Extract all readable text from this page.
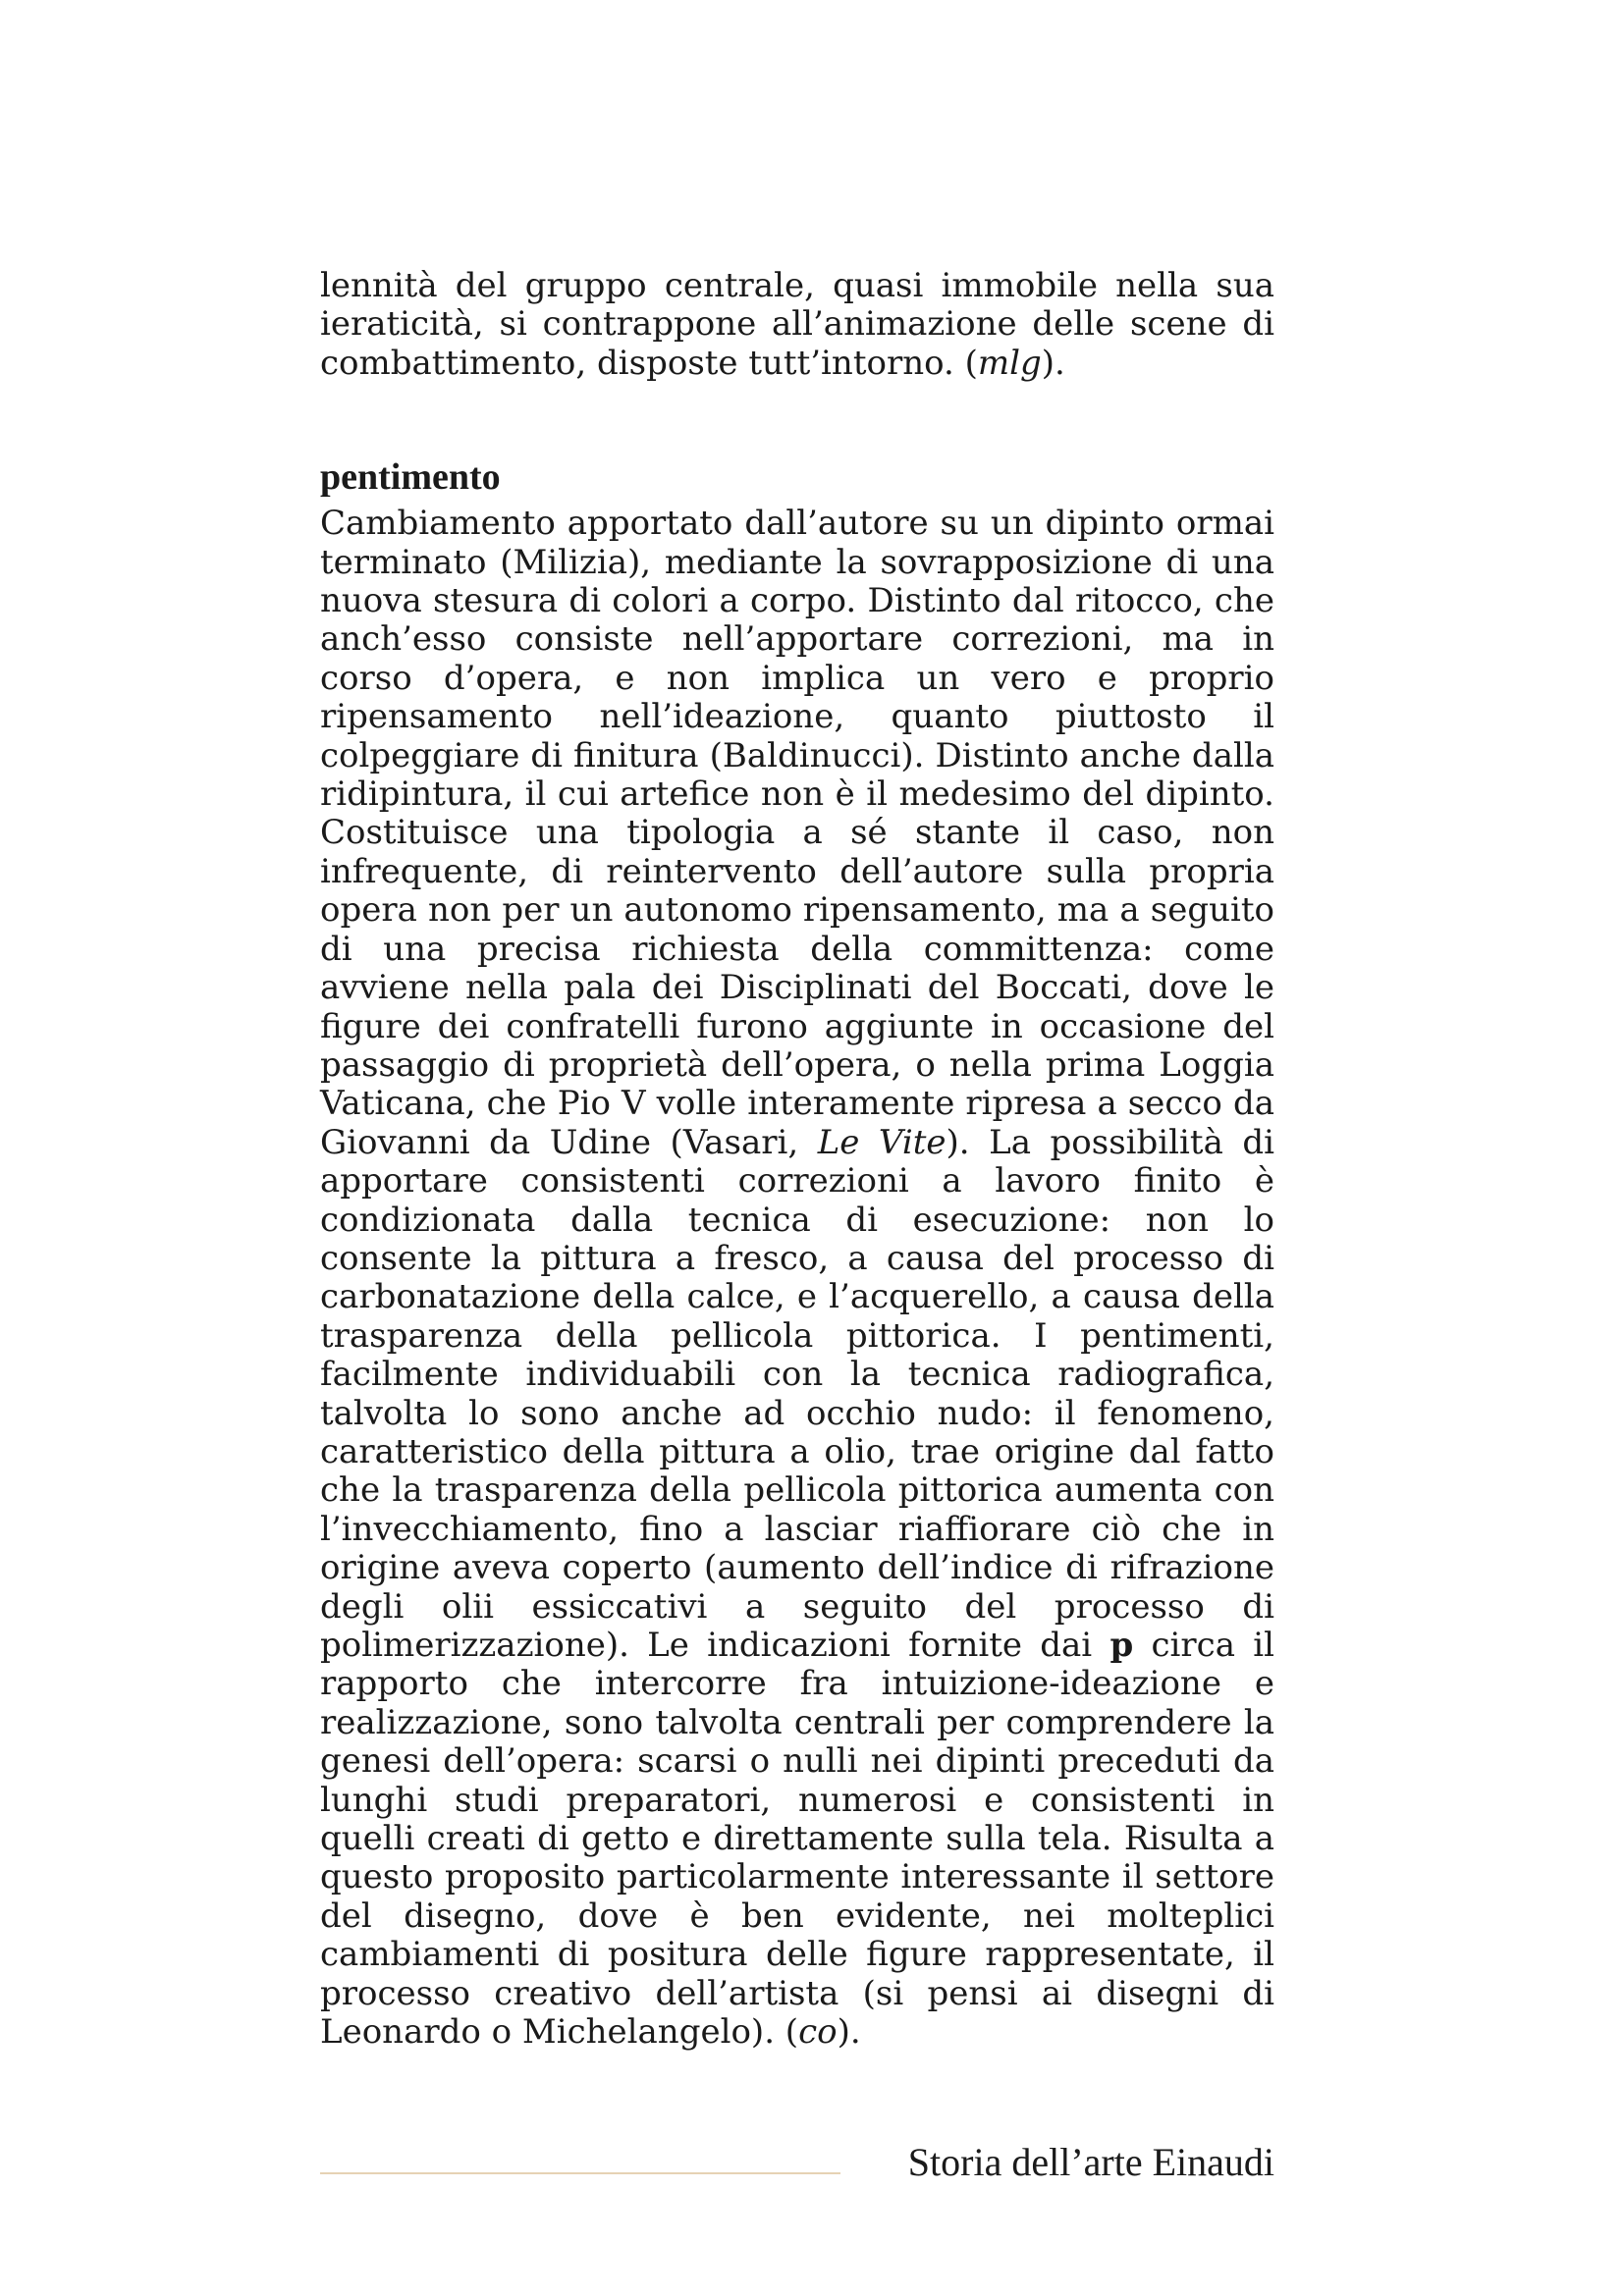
lennità del gruppo centrale, quasi immobile nella sua ieraticità, si contrappone all’animazione delle scene di combattimento, disposte tutt’intorno. (mlg).

pentimento

Cambiamento apportato dall’autore su un dipinto ormai terminato (Milizia), mediante la sovrapposizione di una nuova stesura di colori a corpo. Distinto dal ritocco, che anch’esso consiste nell’apportare correzioni, ma in corso d’opera, e non implica un vero e proprio ripensamento nell’ideazione, quanto piuttosto il colpeggiare di finitura (Baldinucci). Distinto anche dalla ridipintura, il cui artefice non è il medesimo del dipinto. Costituisce una tipologia a sé stante il caso, non infrequente, di reintervento dell’autore sulla propria opera non per un autonomo ripensamento, ma a seguito di una precisa richiesta della committenza: come avviene nella pala dei Disciplinati del Boccati, dove le figure dei confratelli furono aggiunte in occasione del passaggio di proprietà dell’opera, o nella prima Loggia Vaticana, che Pio V volle interamente ripresa a secco da Giovanni da Udine (Vasari, Le Vite). La possibilità di apportare consistenti correzioni a lavoro finito è condizionata dalla tecnica di esecuzione: non lo consente la pittura a fresco, a causa del processo di carbonatazione della calce, e l’acquerello, a causa della trasparenza della pellicola pittorica. I pentimenti, facilmente individuabili con la tecnica radiografica, talvolta lo sono anche ad occhio nudo: il fenomeno, caratteristico della pittura a olio, trae origine dal fatto che la trasparenza della pellicola pittorica aumenta con l’invecchiamento, fino a lasciar riaffiorare ciò che in origine aveva coperto (aumento dell’indice di rifrazione degli olii essiccativi a seguito del processo di polimerizzazione). Le indicazioni fornite dai p circa il rapporto che intercorre fra intuizione-ideazione e realizzazione, sono talvolta centrali per comprendere la genesi dell’opera: scarsi o nulli nei dipinti preceduti da lunghi studi preparatori, numerosi e consistenti in quelli creati di getto e direttamente sulla tela. Risulta a questo proposito particolarmente interessante il settore del disegno, dove è ben evidente, nei molteplici cambiamenti di positura delle figure rappresentate, il processo creativo dell’artista (si pensi ai disegni di Leonardo o Michelangelo). (co).

Storia dell’arte Einaudi
